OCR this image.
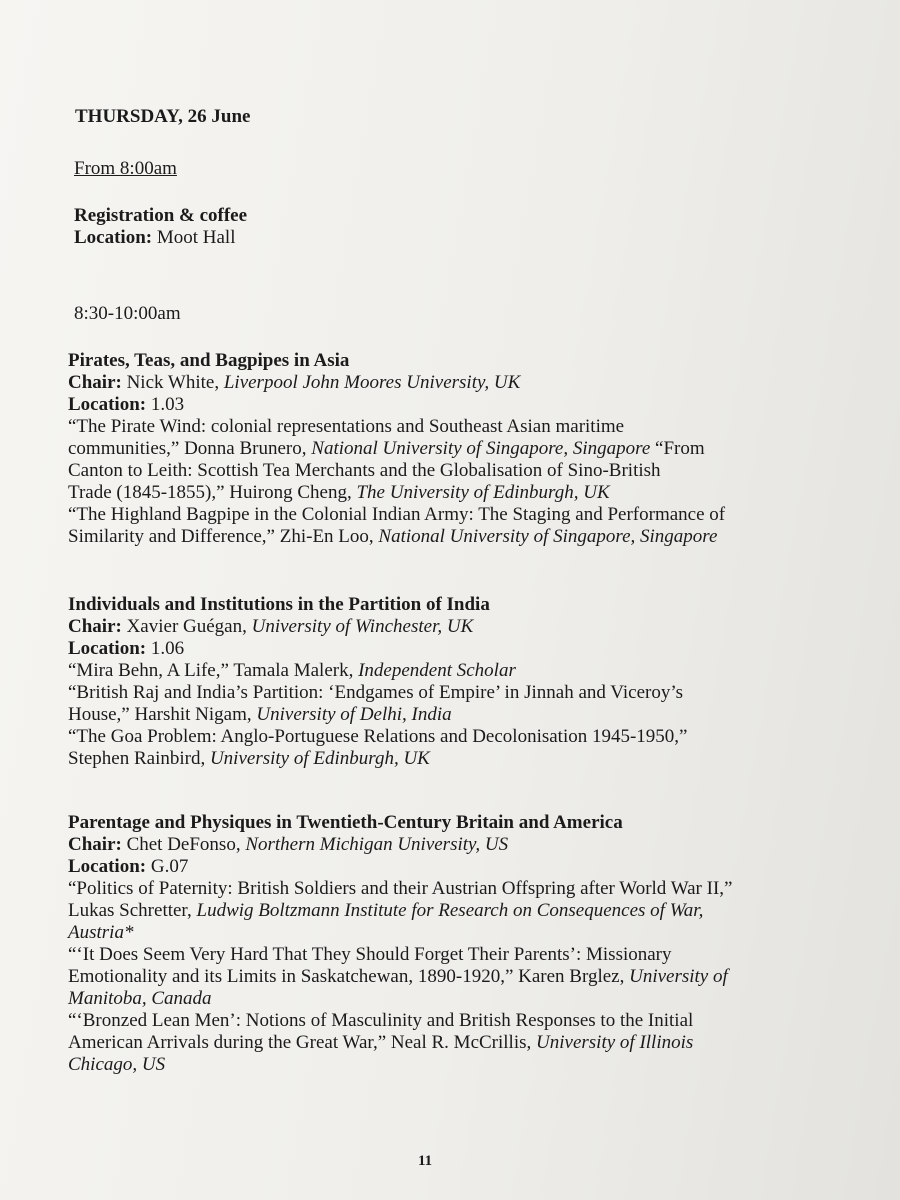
THURSDAY, 26 June
From 8:00am
Registration & coffee
Location: Moot Hall
8:30-10:00am
Pirates, Teas, and Bagpipes in Asia
Chair: Nick White, Liverpool John Moores University, UK
Location: 1.03
“The Pirate Wind: colonial representations and Southeast Asian maritime
communities,” Donna Brunero, National University of Singapore, Singapore “From
Canton to Leith: Scottish Tea Merchants and the Globalisation of Sino-British
Trade (1845-1855),” Huirong Cheng, The University of Edinburgh, UK
“The Highland Bagpipe in the Colonial Indian Army: The Staging and Performance of
Similarity and Difference,” Zhi-En Loo, National University of Singapore, Singapore
Individuals and Institutions in the Partition of India
Chair: Xavier Guégan, University of Winchester, UK
Location: 1.06
“Mira Behn, A Life,” Tamala Malerk, Independent Scholar
“British Raj and India’s Partition: ‘Endgames of Empire’ in Jinnah and Viceroy’s
House,” Harshit Nigam, University of Delhi, India
“The Goa Problem: Anglo-Portuguese Relations and Decolonisation 1945-1950,”
Stephen Rainbird, University of Edinburgh, UK
Parentage and Physiques in Twentieth-Century Britain and America
Chair: Chet DeFonso, Northern Michigan University, US
Location: G.07
“Politics of Paternity: British Soldiers and their Austrian Offspring after World War II,”
Lukas Schretter, Ludwig Boltzmann Institute for Research on Consequences of War,
Austria*
“‘It Does Seem Very Hard That They Should Forget Their Parents’: Missionary
Emotionality and its Limits in Saskatchewan, 1890-1920,” Karen Brglez, University of
Manitoba, Canada
“‘Bronzed Lean Men’: Notions of Masculinity and British Responses to the Initial
American Arrivals during the Great War,” Neal R. McCrillis, University of Illinois
Chicago, US
11
